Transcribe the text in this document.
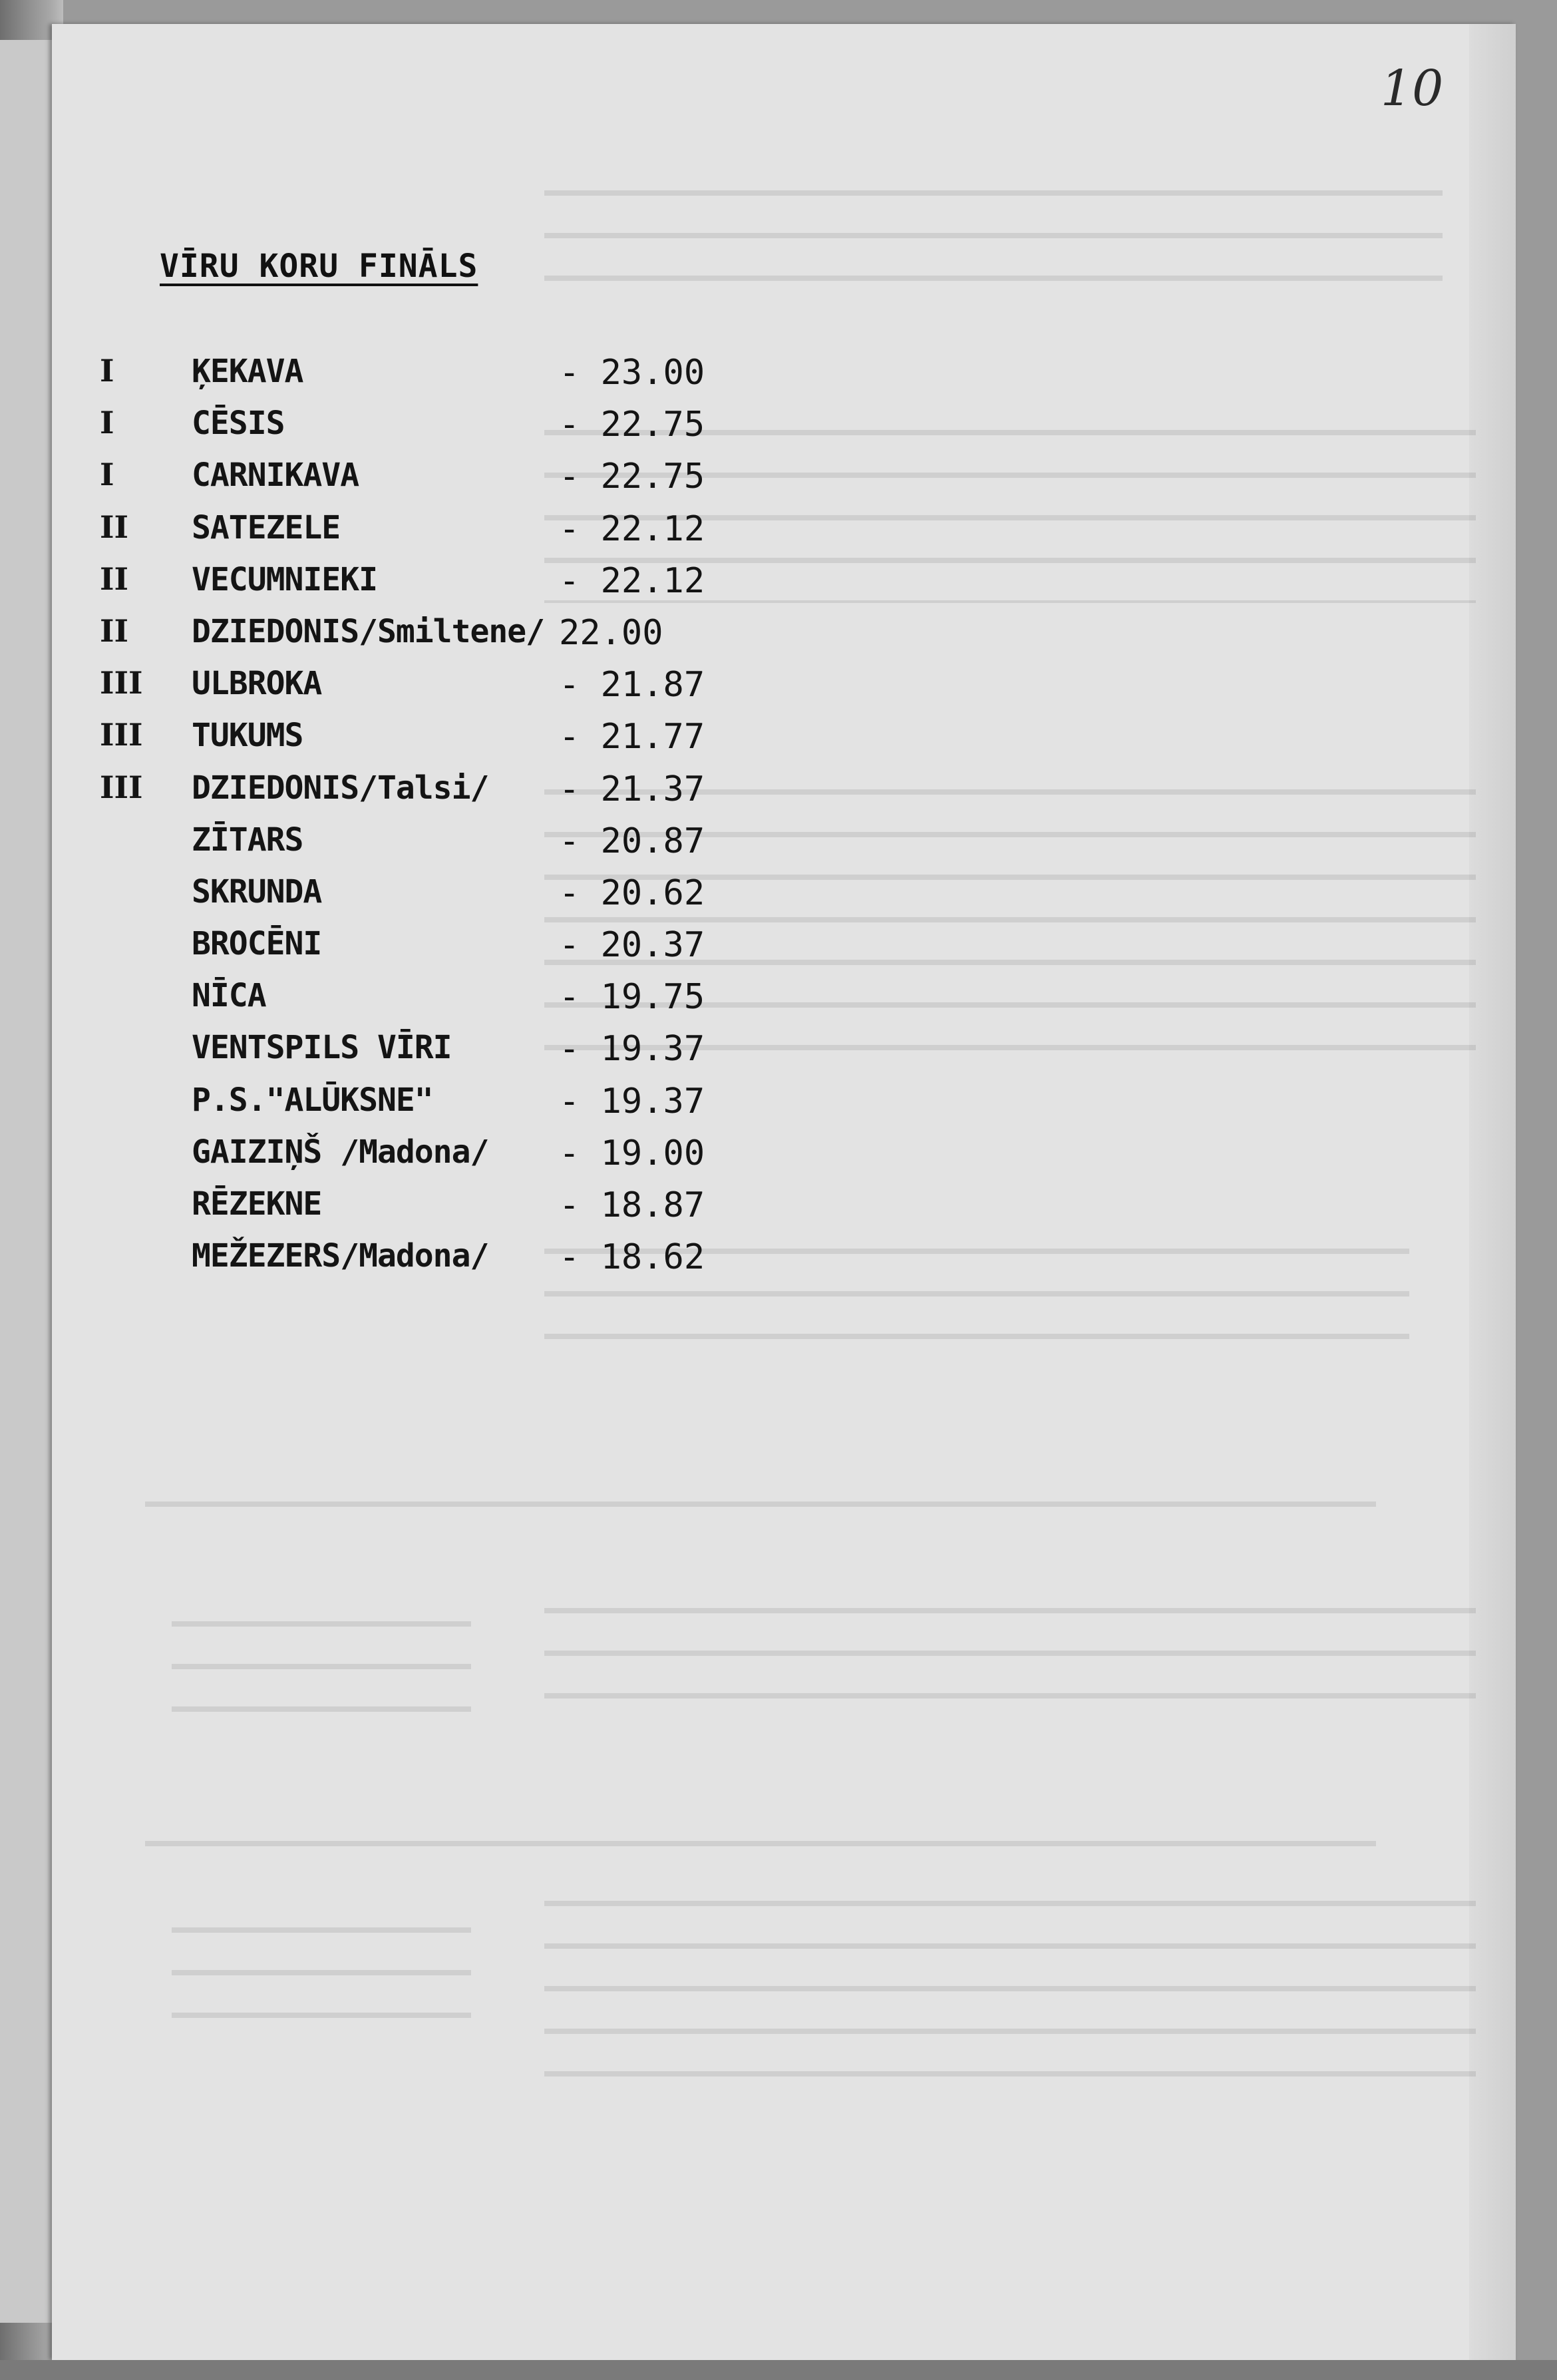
10
VĪRU KORU FINĀLS
I ĶEKAVA	- 23.00
I CĒSIS	- 22.75
I CARNIKAVA	- 22.75
II SATEZELE	- 22.12
II VECUMNIEKI	- 22.12
II DZIEDONIS/Smiltene/ 22.00
III ULBROKA	- 21.87
III TUKUMS	- 21.77
III DZIEDONIS/Talsi/ - 21.37
ZĪTARS	- 20.87
SKRUNDA	- 20.62
BROCĒNI	- 20.37
NĪCA	- 19.75
VENTSPILS VĪRI	- 19.37
P.S."ALŪKSNE"	- 19.37
GAIZIŅŠ /Madona/ - 19.00
RĒZEKNE	- 18.87
MEŽEZERS/Madona/ - 18.62
